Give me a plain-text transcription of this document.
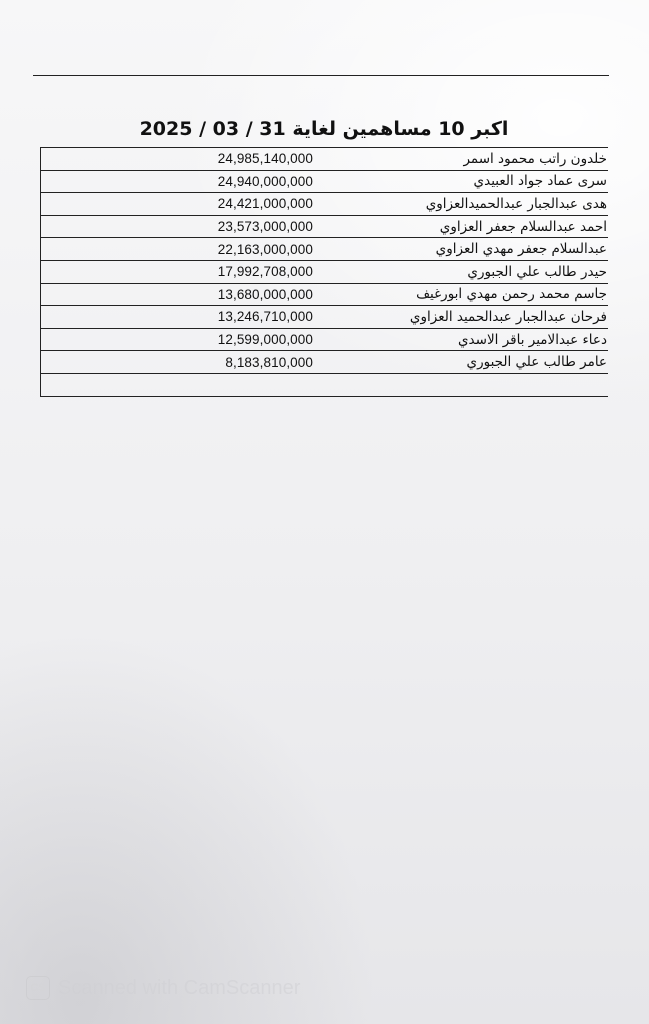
اكبر 10 مساهمين لغاية 31 / 03 / 2025
24,985,140,000	خلدون راتب محمود اسمر
24,940,000,000	سرى عماد جواد العبيدي
24,421,000,000	هدى عبدالجبار عبدالحميدالعزاوي
23,573,000,000	احمد عبدالسلام جعفر العزاوي
22,163,000,000	عبدالسلام جعفر مهدي العزاوي
17,992,708,000	حيدر طالب علي الجبوري
13,680,000,000	جاسم محمد رحمن مهدي ابورغيف
13,246,710,000	فرحان عبدالجبار عبدالحميد العزاوي
12,599,000,000	دعاء عبدالامير باقر الاسدي
8,183,810,000	عامر طالب علي الجبوري

CS Scanned with CamScanner
